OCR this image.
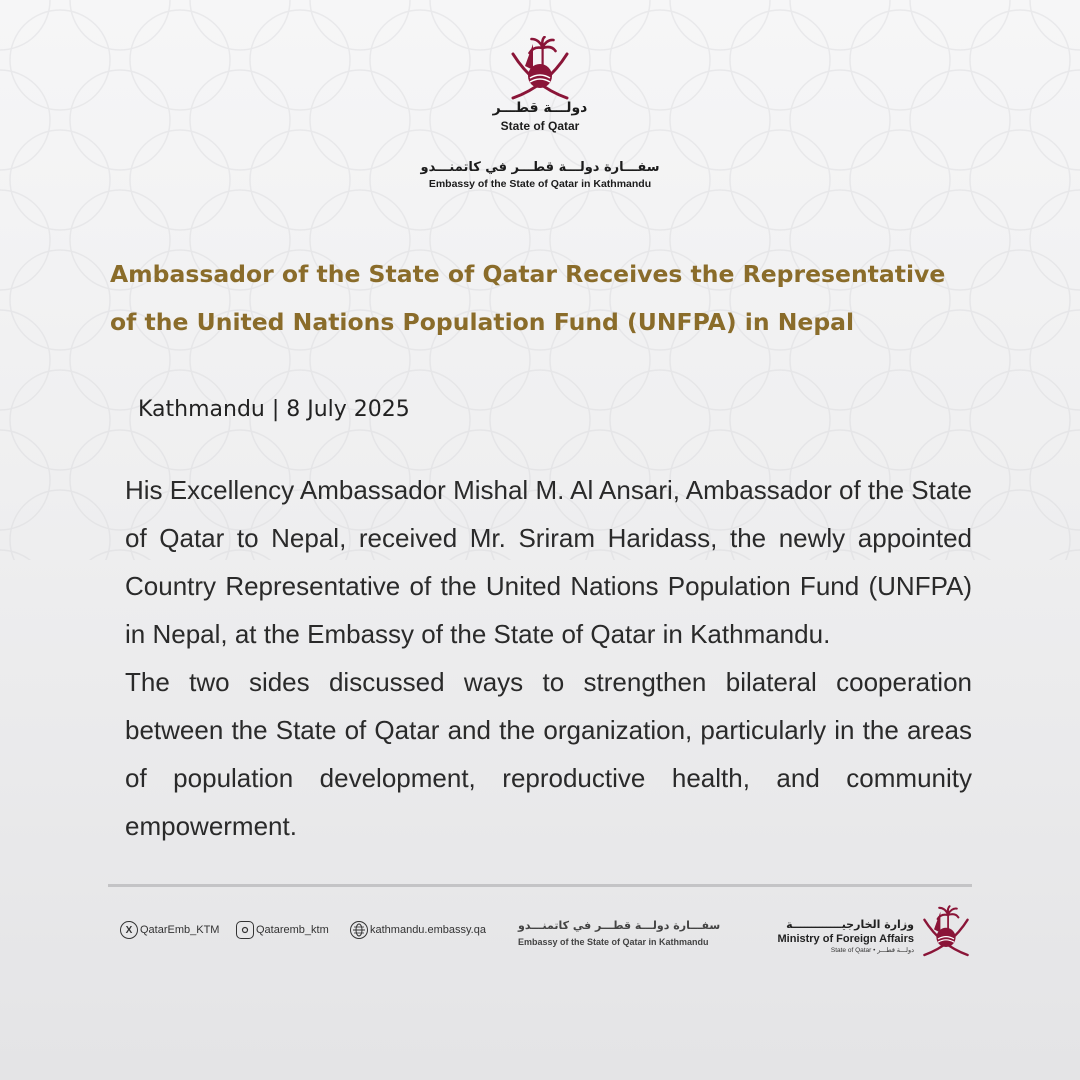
دولـــة قطـــر
State of Qatar
سفـــارة دولـــة قطـــر في كاتمنـــدو
Embassy of the State of Qatar in Kathmandu
Ambassador of the State of Qatar Receives the Representative of the United Nations Population Fund (UNFPA) in Nepal
Kathmandu | 8 July 2025

His Excellency Ambassador Mishal M. Al Ansari, Ambassador of the State of Qatar to Nepal, received Mr. Sriram Haridass, the newly appointed Country Representative of the United Nations Population Fund (UNFPA) in Nepal, at the Embassy of the State of Qatar in Kathmandu.

The two sides discussed ways to strengthen bilateral cooperation between the State of Qatar and the organization, particularly in the areas of population development, reproductive health, and community empowerment.

X QatarEmb_KTM	Qataremb_ktm	kathmandu.embassy.qa	سفـــارة دولـــة قطـــر في كاتمنـــدو
Embassy of the State of Qatar in Kathmandu
وزارة الخارجيـــــــــــــة
Ministry of Foreign Affairs
State of Qatar • دولـــة قطـــر
